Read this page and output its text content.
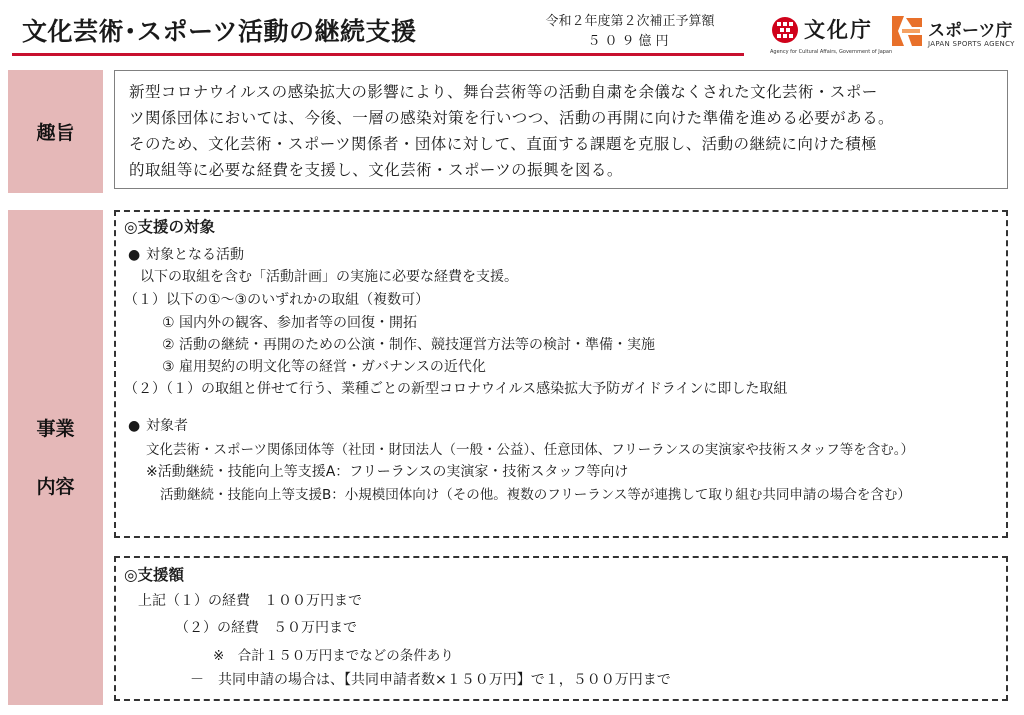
文化芸術･スポーツ活動の継続支援	令和２年度第２次補正予算額
５０９億円	文化庁
Agency for Cultural Affairs, Government of Japan
スポーツ庁
JAPAN SPORTS AGENCY
趣旨
新型コロナウイルスの感染拡大の影響により、舞台芸術等の活動自粛を余儀なくされた文化芸術・スポー
ツ関係団体においては、今後、一層の感染対策を行いつつ、活動の再開に向けた準備を進める必要がある。
そのため、文化芸術・スポーツ関係者・団体に対して、直面する課題を克服し、活動の継続に向けた積極
的取組等に必要な経費を支援し、文化芸術・スポーツの振興を図る。
事業
内容
◎支援の対象
● 対象となる活動
以下の取組を含む「活動計画」の実施に必要な経費を支援。
（１）以下の①～③のいずれかの取組（複数可）
① 国内外の観客、参加者等の回復・開拓
② 活動の継続・再開のための公演・制作、競技運営方法等の検討・準備・実施
③ 雇用契約の明文化等の経営・ガバナンスの近代化
（２）（１）の取組と併せて行う、業種ごとの新型コロナウイルス感染拡大予防ガイドラインに即した取組
● 対象者
文化芸術・スポーツ関係団体等（社団・財団法人（一般・公益）、任意団体、フリーランスの実演家や技術スタッフ等を含む。）
※活動継続・技能向上等支援A：フリーランスの実演家・技術スタッフ等向け
活動継続・技能向上等支援B：小規模団体向け（その他。複数のフリーランス等が連携して取り組む共同申請の場合を含む）
◎支援額
上記（１）の経費　１００万円まで
（２）の経費　５０万円まで
※　合計１５０万円までなどの条件あり
－　共同申請の場合は、【共同申請者数×１５０万円】で１，５００万円まで
